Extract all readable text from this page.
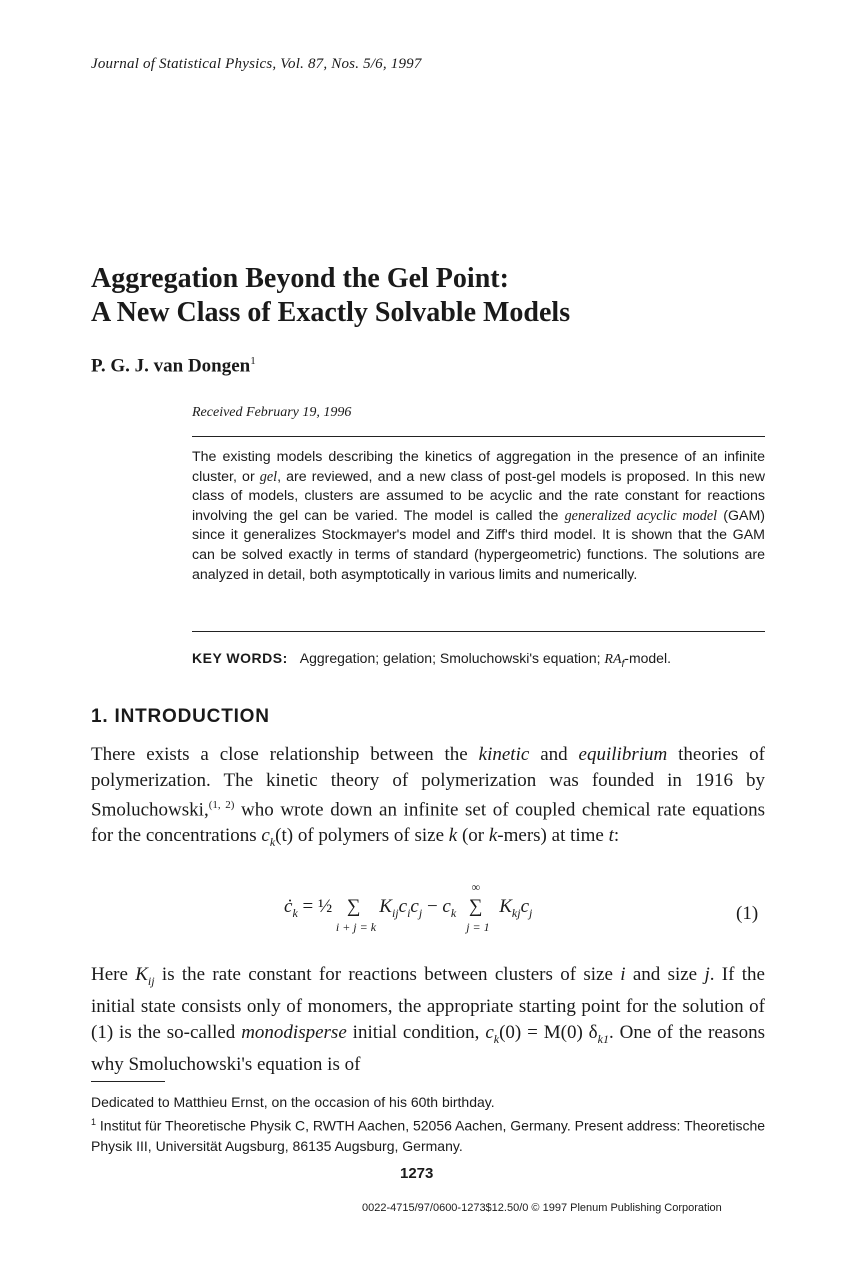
Journal of Statistical Physics, Vol. 87, Nos. 5/6, 1997
Aggregation Beyond the Gel Point:
A New Class of Exactly Solvable Models
P. G. J. van Dongen$^1$
Received February 19, 1996
The existing models describing the kinetics of aggregation in the presence of an infinite cluster, or gel, are reviewed, and a new class of post-gel models is proposed. In this new class of models, clusters are assumed to be acyclic and the rate constant for reactions involving the gel can be varied. The model is called the generalized acyclic model (GAM) since it generalizes Stockmayer's model and Ziff's third model. It is shown that the GAM can be solved exactly in terms of standard (hypergeometric) functions. The solutions are analyzed in detail, both asymptotically in various limits and numerically.
KEY WORDS: Aggregation; gelation; Smoluchowski's equation; $RA_f$-model.
1. INTRODUCTION
There exists a close relationship between the kinetic and equilibrium theories of polymerization. The kinetic theory of polymerization was founded in 1916 by Smoluchowski,$^{(1, 2)}$ who wrote down an infinite set of coupled chemical rate equations for the concentrations $c_k(t)$ of polymers of size k (or k-mers) at time t:
$ċ_k$ = ½ ∑
i + j = k
$K_{ij}c_ic_j - c_k$
∞
∑
j = 1
$K_{kj}c_j$	(1)
Here $K_{ij}$ is the rate constant for reactions between clusters of size i and size j. If the initial state consists only of monomers, the appropriate starting point for the solution of (1) is the so-called monodisperse initial condition, $c_k(0) = M(0)$ $\delta_{k1}$. One of the reasons why Smoluchowski's equation is of
Dedicated to Matthieu Ernst, on the occasion of his 60th birthday.
$^1$ Institut für Theoretische Physik C, RWTH Aachen, 52056 Aachen, Germany. Present address: Theoretische Physik III, Universität Augsburg, 86135 Augsburg, Germany.
1273
0022-4715/97/0600-1273$12.50/0 © 1997 Plenum Publishing Corporation
